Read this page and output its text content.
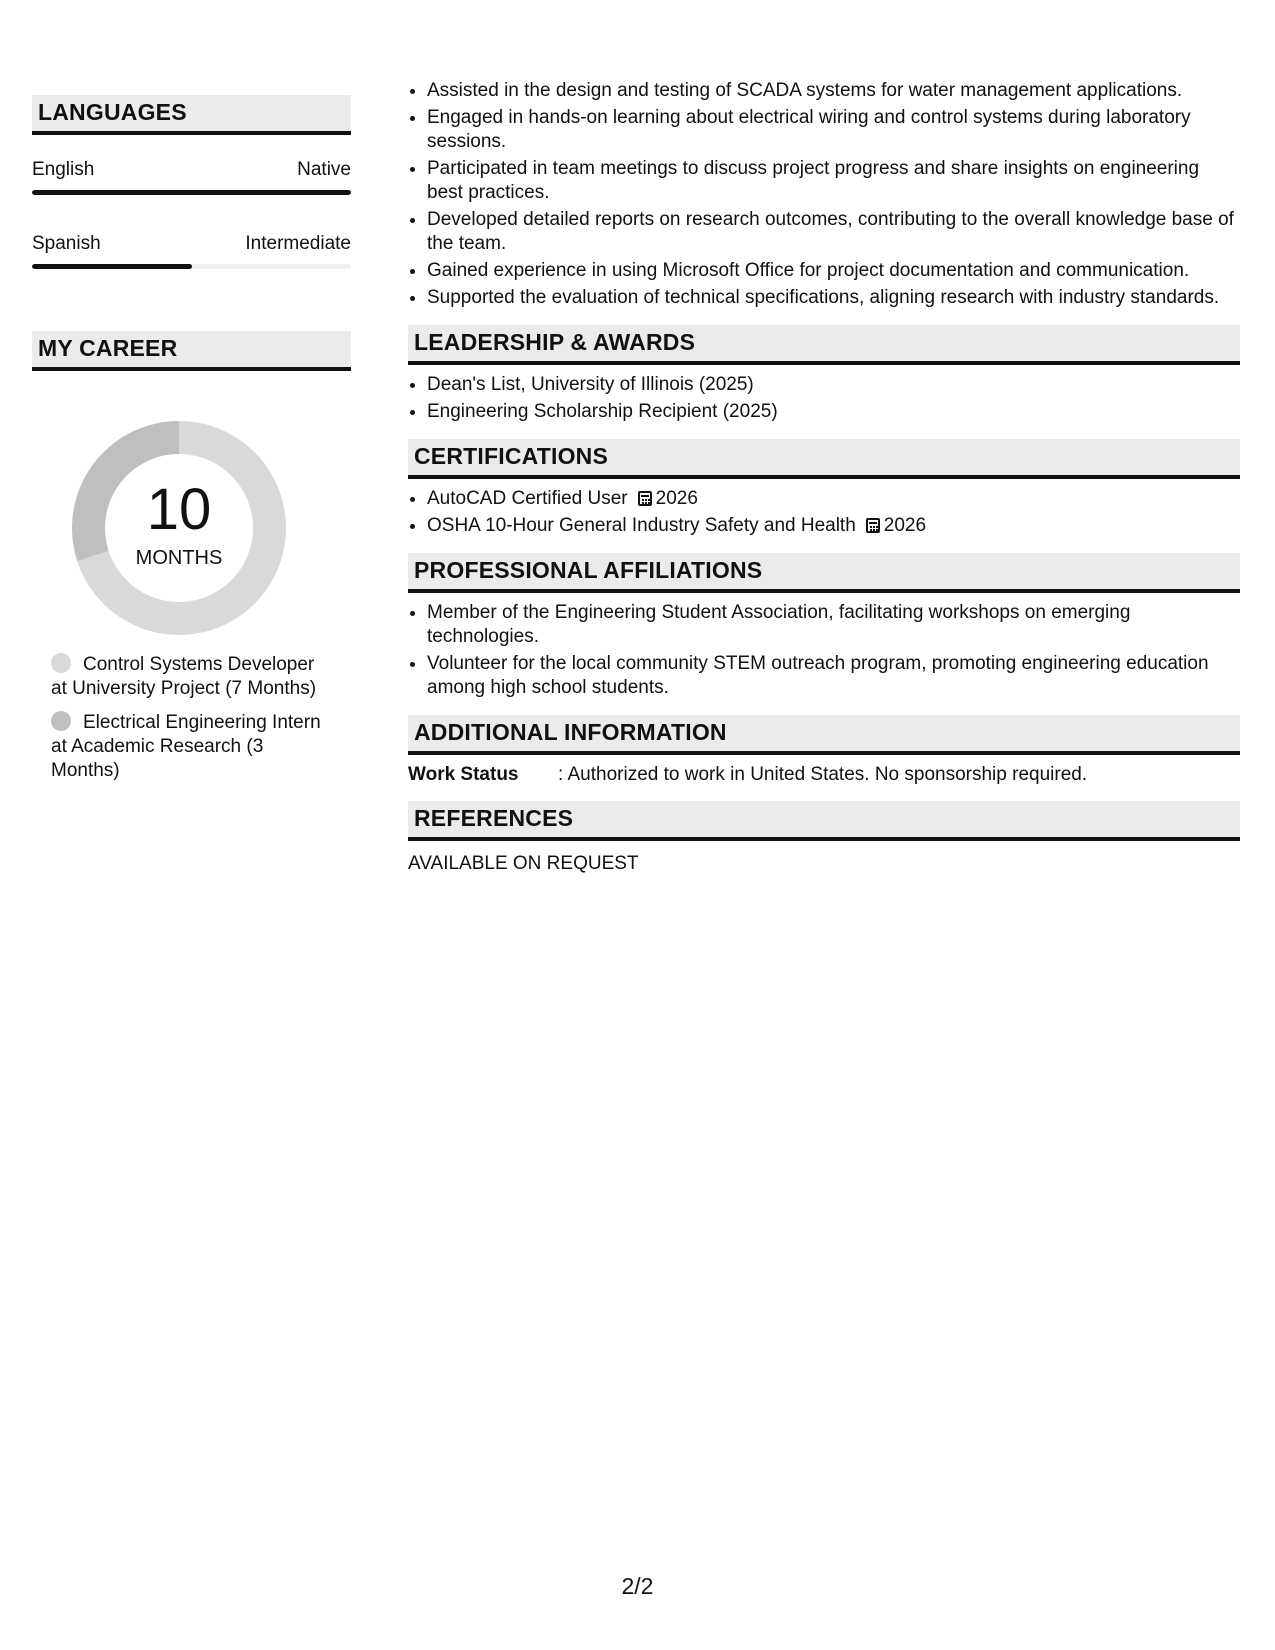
LANGUAGES
English	Native
Spanish	Intermediate
MY CAREER
10
MONTHS
Control Systems Developer at University Project (7 Months)
Electrical Engineering Intern at Academic Research (3 Months)
• Assisted in the design and testing of SCADA systems for water management applications.
• Engaged in hands-on learning about electrical wiring and control systems during laboratory sessions.
• Participated in team meetings to discuss project progress and share insights on engineering best practices.
• Developed detailed reports on research outcomes, contributing to the overall knowledge base of the team.
• Gained experience in using Microsoft Office for project documentation and communication.
• Supported the evaluation of technical specifications, aligning research with industry standards.
LEADERSHIP & AWARDS
• Dean's List, University of Illinois (2025)
• Engineering Scholarship Recipient (2025)
CERTIFICATIONS
• AutoCAD Certified User 2026
• OSHA 10-Hour General Industry Safety and Health 2026
PROFESSIONAL AFFILIATIONS
• Member of the Engineering Student Association, facilitating workshops on emerging technologies.
• Volunteer for the local community STEM outreach program, promoting engineering education among high school students.
ADDITIONAL INFORMATION
Work Status	: Authorized to work in United States. No sponsorship required.
REFERENCES
AVAILABLE ON REQUEST
2/2
